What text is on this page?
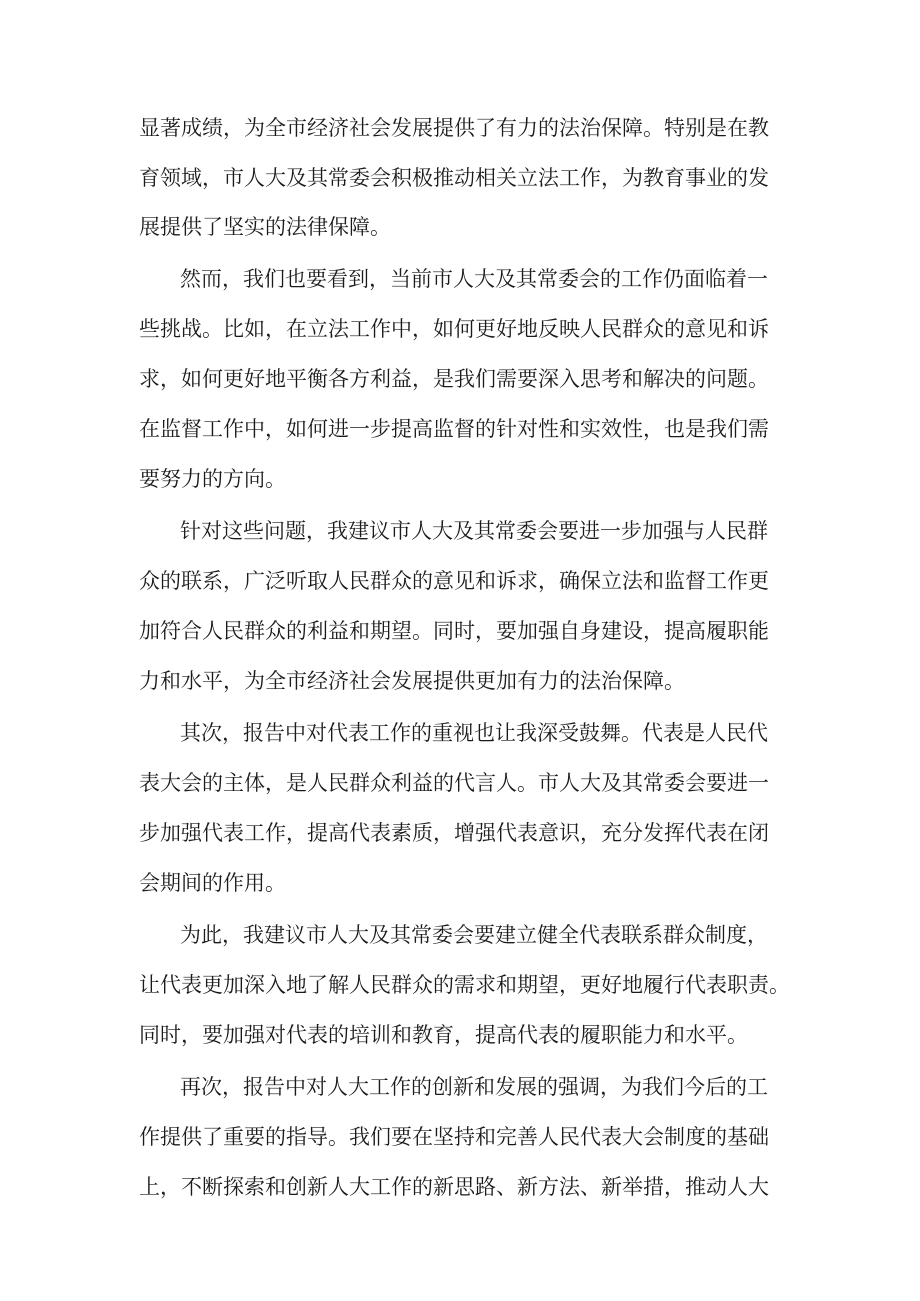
显著成绩，为全市经济社会发展提供了有力的法治保障。特别是在教
育领域，市人大及其常委会积极推动相关立法工作，为教育事业的发
展提供了坚实的法律保障。
然而，我们也要看到，当前市人大及其常委会的工作仍面临着一
些挑战。比如，在立法工作中，如何更好地反映人民群众的意见和诉
求，如何更好地平衡各方利益，是我们需要深入思考和解决的问题。
在监督工作中，如何进一步提高监督的针对性和实效性，也是我们需
要努力的方向。
针对这些问题，我建议市人大及其常委会要进一步加强与人民群
众的联系，广泛听取人民群众的意见和诉求，确保立法和监督工作更
加符合人民群众的利益和期望。同时，要加强自身建设，提高履职能
力和水平，为全市经济社会发展提供更加有力的法治保障。
其次，报告中对代表工作的重视也让我深受鼓舞。代表是人民代
表大会的主体，是人民群众利益的代言人。市人大及其常委会要进一
步加强代表工作，提高代表素质，增强代表意识，充分发挥代表在闭
会期间的作用。
为此，我建议市人大及其常委会要建立健全代表联系群众制度，
让代表更加深入地了解人民群众的需求和期望，更好地履行代表职责。
同时，要加强对代表的培训和教育，提高代表的履职能力和水平。
再次，报告中对人大工作的创新和发展的强调，为我们今后的工
作提供了重要的指导。我们要在坚持和完善人民代表大会制度的基础
上，不断探索和创新人大工作的新思路、新方法、新举措，推动人大
